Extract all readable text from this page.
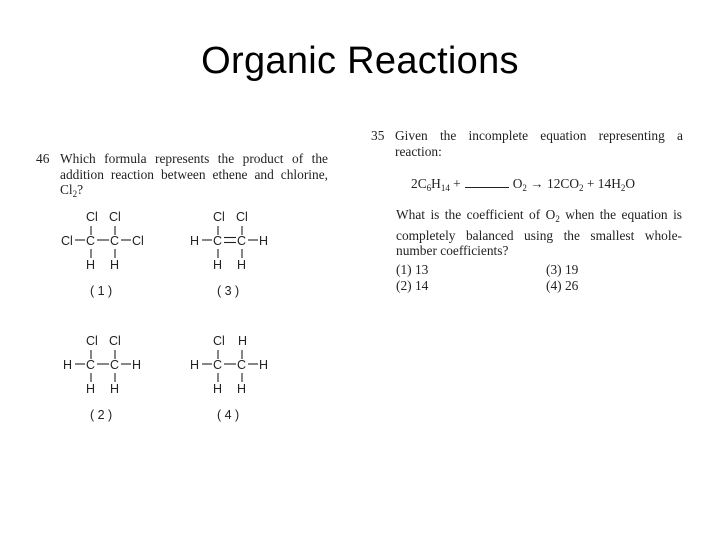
Organic Reactions
46 Which formula represents the product of the addition reaction between ethene and chlorine, $Cl_2$?
Cl Cl
Cl C C Cl
H H
( 1 )
Cl Cl
H C C H
H H
( 3 )
Cl Cl
H C C H
H H
( 2 )
Cl H
H C C H
H H
( 4 )
35 Given the incomplete equation representing a reaction:
$2C_6H_{14}$ +	$O_2 \to 12CO_2 + 14H_2O$
What is the coefficient of $O_2$ when the equation is completely balanced using the smallest whole-number coefficients?
(1) 13	(3) 19
(2) 14	(4) 26
